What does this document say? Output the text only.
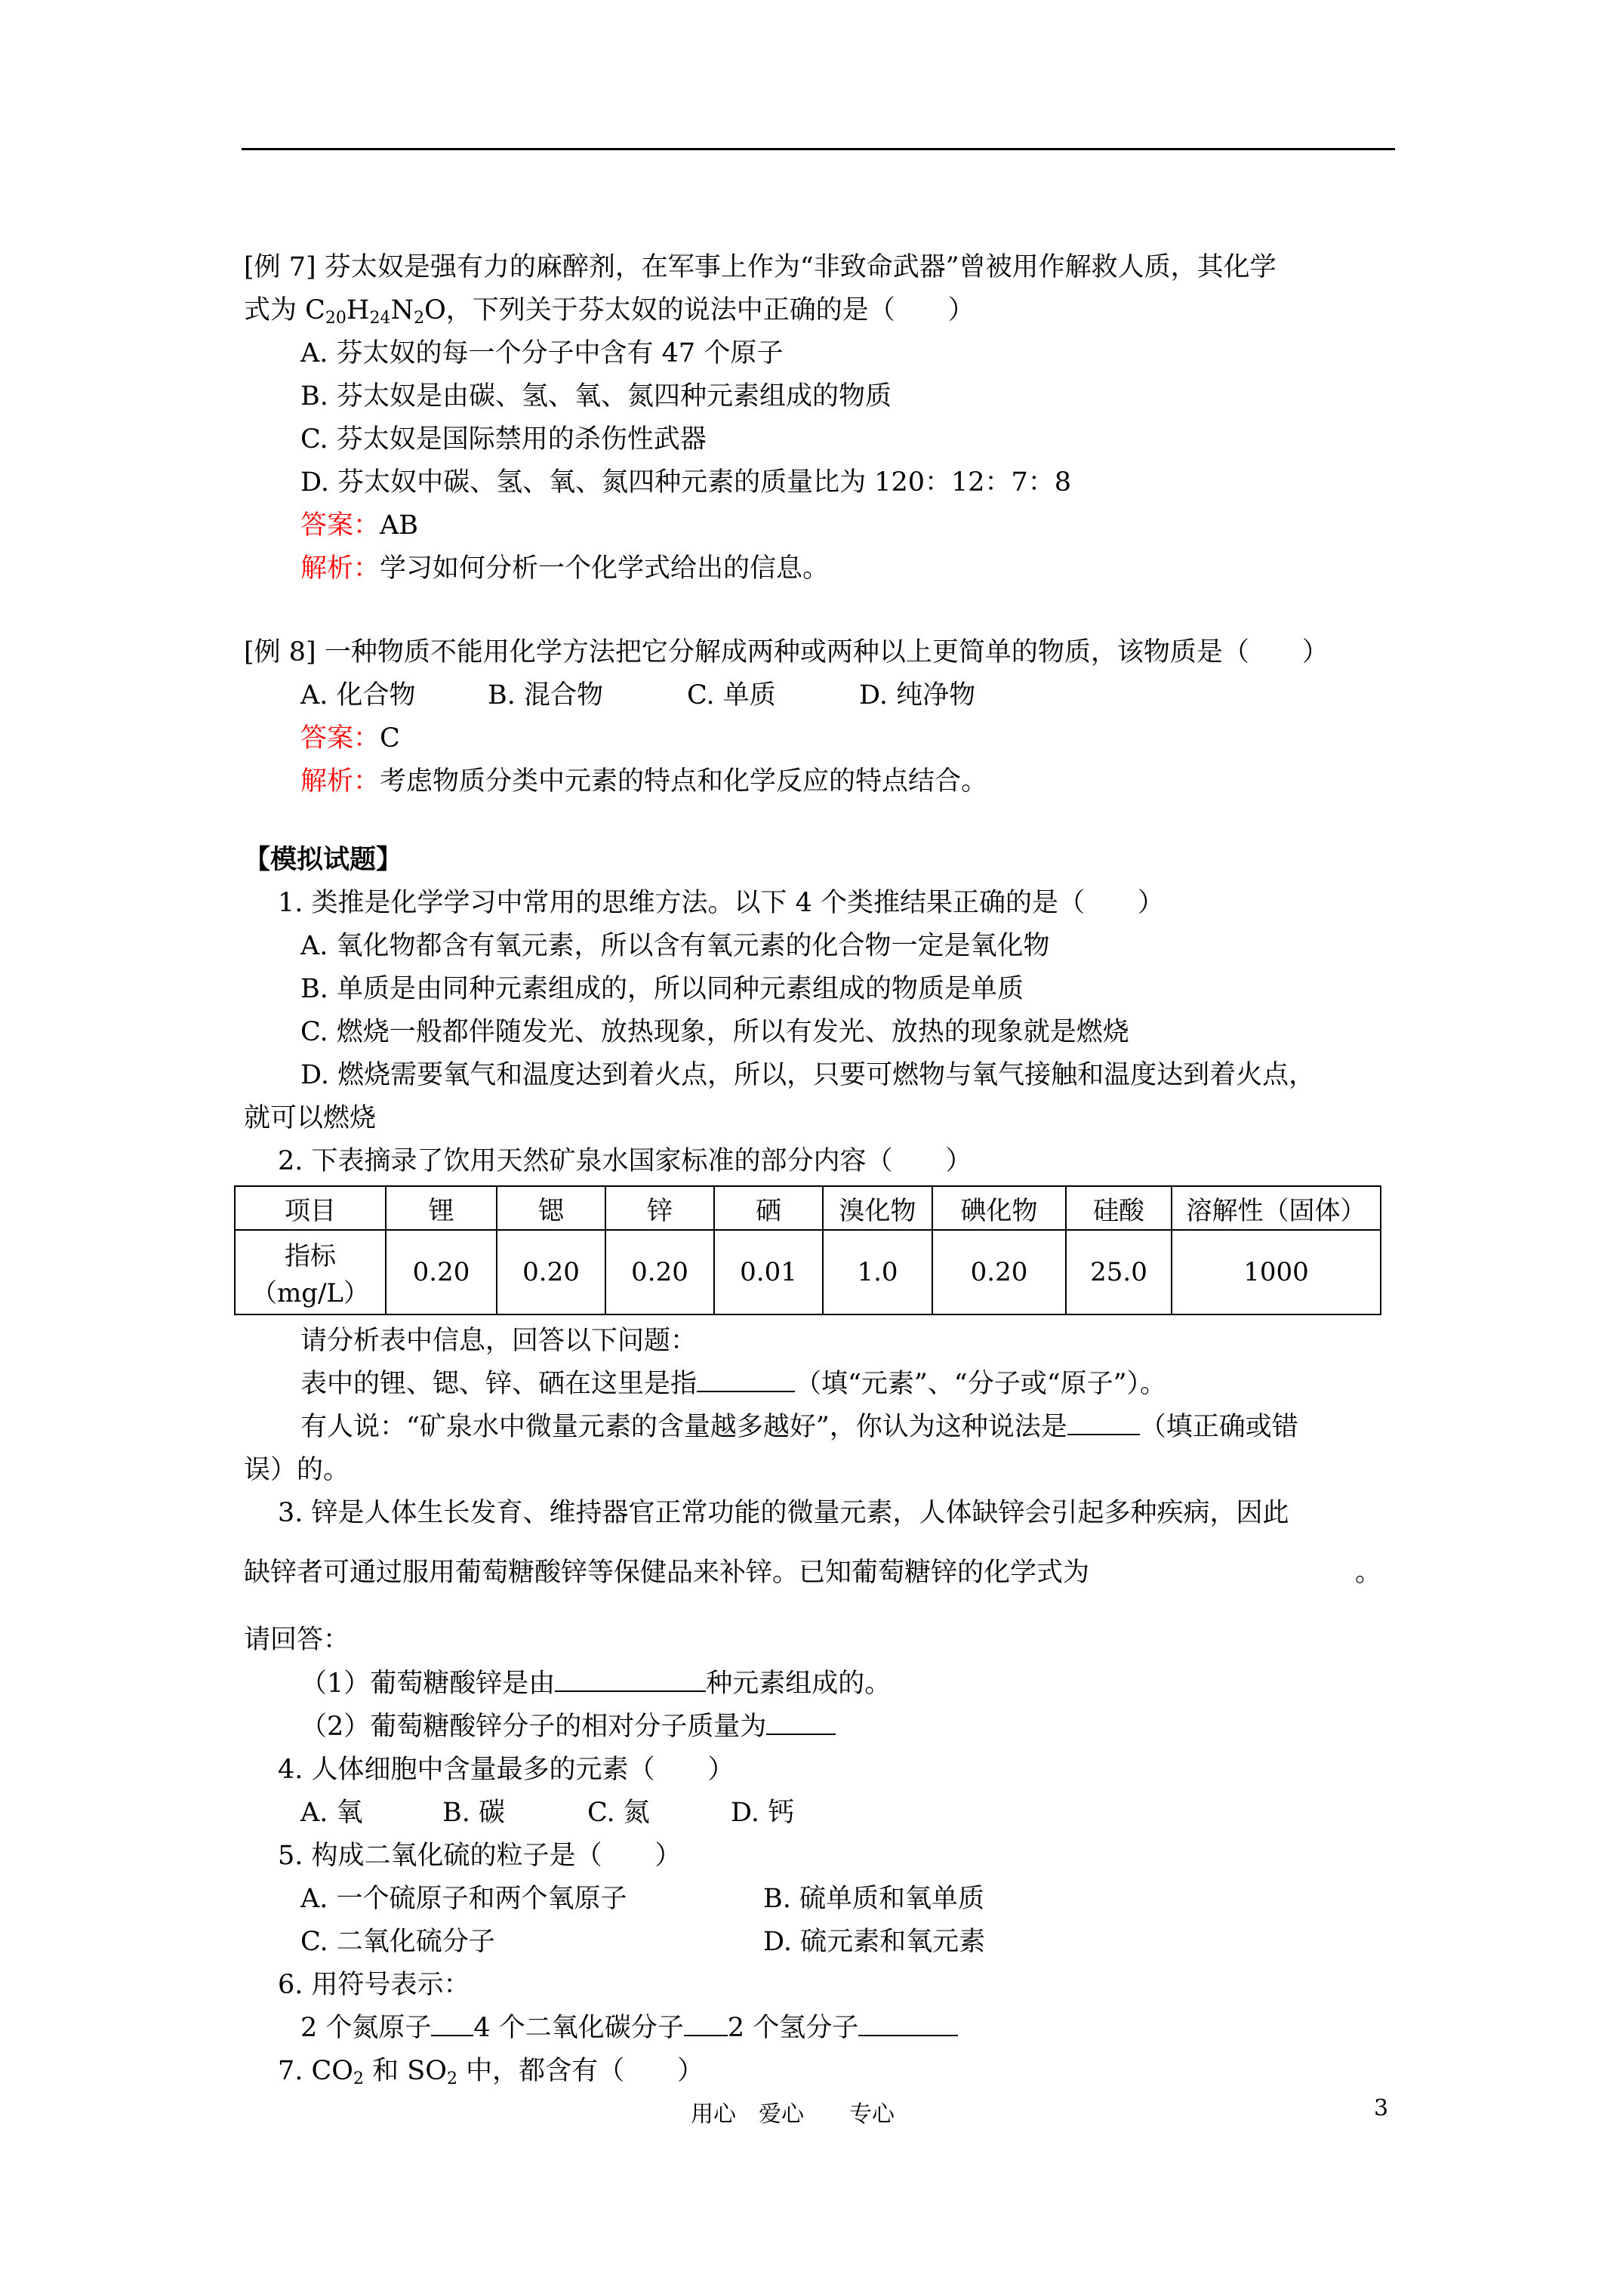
[例 7] 芬太奴是强有力的麻醉剂，在军事上作为“非致命武器”曾被用作解救人质，其化学
式为 $C_{20}H_{24}N_2O$，下列关于芬太奴的说法中正确的是（　　）
A. 芬太奴的每一个分子中含有 47 个原子
B. 芬太奴是由碳、氢、氧、氮四种元素组成的物质
C. 芬太奴是国际禁用的杀伤性武器
D. 芬太奴中碳、氢、氧、氮四种元素的质量比为 120：12：7：8
答案：AB
解析：学习如何分析一个化学式给出的信息。
[例 8] 一种物质不能用化学方法把它分解成两种或两种以上更简单的物质，该物质是（　　）
A. 化合物	B. 混合物	C. 单质	D. 纯净物
答案：C
解析：考虑物质分类中元素的特点和化学反应的特点结合。
【模拟试题】
1. 类推是化学学习中常用的思维方法。以下 4 个类推结果正确的是（　　）
A. 氧化物都含有氧元素，所以含有氧元素的化合物一定是氧化物
B. 单质是由同种元素组成的，所以同种元素组成的物质是单质
C. 燃烧一般都伴随发光、放热现象，所以有发光、放热的现象就是燃烧
D. 燃烧需要氧气和温度达到着火点，所以，只要可燃物与氧气接触和温度达到着火点，
就可以燃烧
2. 下表摘录了饮用天然矿泉水国家标准的部分内容（　　）
项目	锂	锶	锌	硒	溴化物	碘化物	硅酸	溶解性（固体）

指标
（mg/L）	0.20	0.20	0.20	0.01	1.0	0.20	25.0	1000
请分析表中信息，回答以下问题：
表中的锂、锶、锌、硒在这里是指	（填“元素”、“分子或“原子”）。
有人说：“矿泉水中微量元素的含量越多越好”，你认为这种说法是	（填正确或错
误）的。
3. 锌是人体生长发育、维持器官正常功能的微量元素，人体缺锌会引起多种疾病，因此
缺锌者可通过服用葡萄糖酸锌等保健品来补锌。已知葡萄糖锌的化学式为	。
请回答：
（1）葡萄糖酸锌是由	种元素组成的。
（2）葡萄糖酸锌分子的相对分子质量为
4. 人体细胞中含量最多的元素（　　）
A. 氧	B. 碳	C. 氮	D. 钙
5. 构成二氧化硫的粒子是（　　）
A. 一个硫原子和两个氧原子	B. 硫单质和氧单质
C. 二氧化硫分子	D. 硫元素和氧元素
6. 用符号表示：
2 个氮原子 4 个二氧化碳分子 2 个氢分子
7. $CO_2$ 和 $SO_2$ 中，都含有（　　）
用心　爱心　　专心	3
